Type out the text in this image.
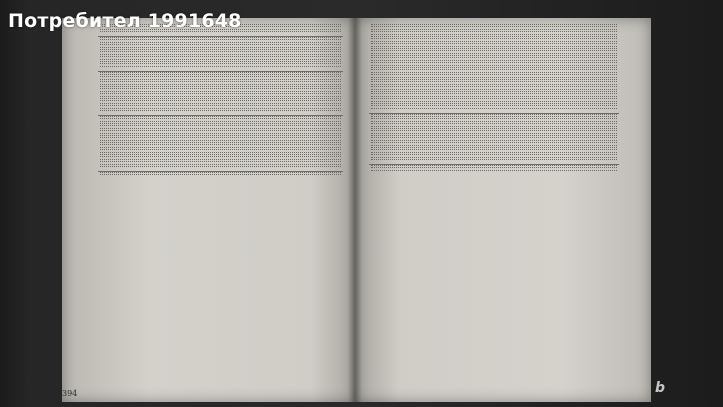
394
Потребител 1991648
b
